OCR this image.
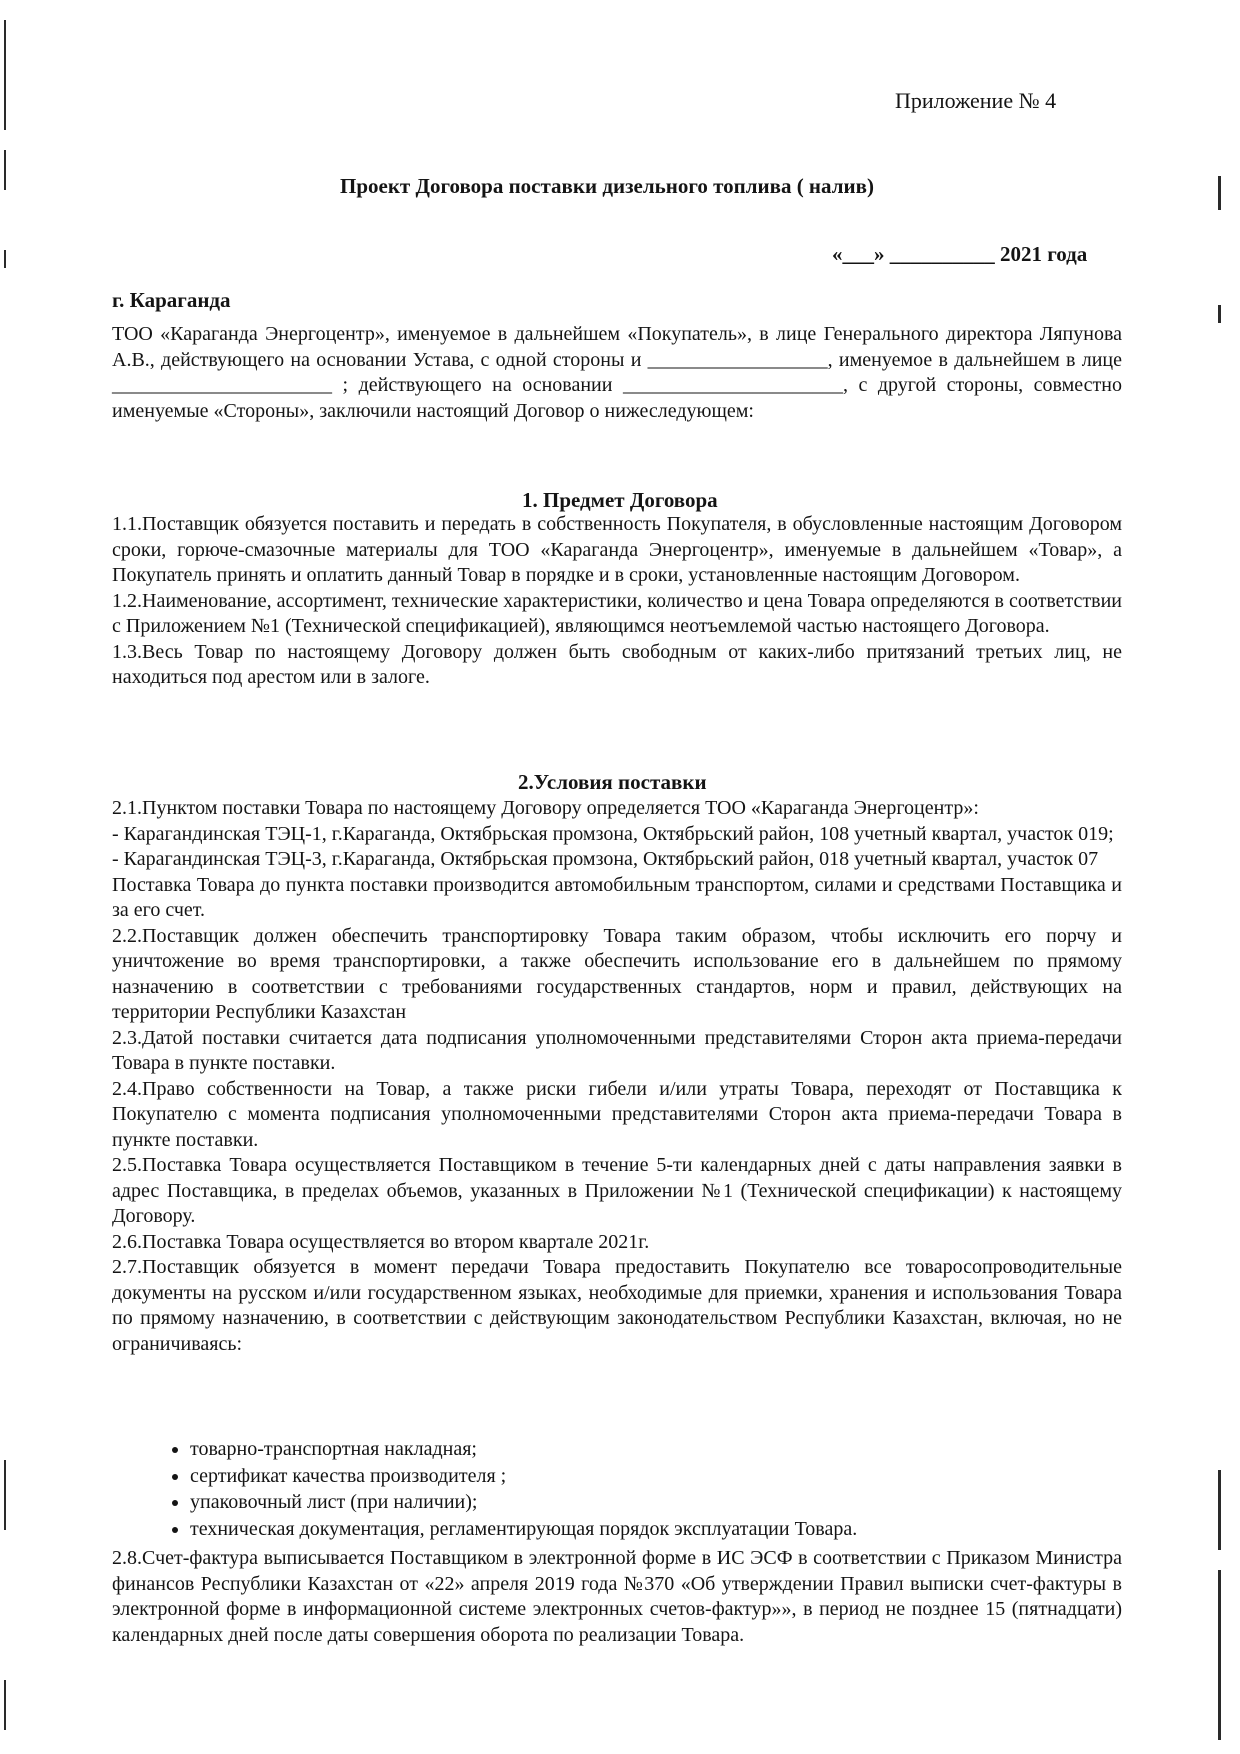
Приложение № 4
Проект Договора поставки дизельного топлива ( налив)
«___» __________ 2021 года
г. Караганда
ТОО «Караганда Энергоцентр», именуемое в дальнейшем «Покупатель», в лице Генерального директора Ляпунова А.В., действующего на основании Устава, с одной стороны и __________________, именуемое в дальнейшем в лице ______________________ ; действующего на основании ______________________, с другой стороны, совместно именуемые «Стороны», заключили настоящий Договор о нижеследующем:
1. Предмет Договора
1.1.Поставщик обязуется поставить и передать в собственность Покупателя, в обусловленные настоящим Договором сроки, горюче-смазочные материалы для ТОО «Караганда Энергоцентр», именуемые в дальнейшем «Товар», а Покупатель принять и оплатить данный Товар в порядке и в сроки, установленные настоящим Договором.
1.2.Наименование, ассортимент, технические характеристики, количество и цена Товара определяются в соответствии с Приложением №1 (Технической спецификацией), являющимся неотъемлемой частью настоящего Договора.
1.3.Весь Товар по настоящему Договору должен быть свободным от каких-либо притязаний третьих лиц, не находиться под арестом или в залоге.
2.Условия поставки
2.1.Пунктом поставки Товара по настоящему Договору определяется ТОО «Караганда Энергоцентр»:
- Карагандинская ТЭЦ-1, г.Караганда, Октябрьская промзона, Октябрьский район, 108 учетный квартал, участок 019;
- Карагандинская ТЭЦ-3, г.Караганда, Октябрьская промзона, Октябрьский район, 018 учетный квартал, участок 07
Поставка Товара до пункта поставки производится автомобильным транспортом, силами и средствами Поставщика и за его счет.
2.2.Поставщик должен обеспечить транспортировку Товара таким образом, чтобы исключить его порчу и уничтожение во время транспортировки, а также обеспечить использование его в дальнейшем по прямому назначению в соответствии с требованиями государственных стандартов, норм и правил, действующих на территории Республики Казахстан
2.3.Датой поставки считается дата подписания уполномоченными представителями Сторон акта приема-передачи Товара в пункте поставки.
2.4.Право собственности на Товар, а также риски гибели и/или утраты Товара, переходят от Поставщика к Покупателю с момента подписания уполномоченными представителями Сторон акта приема-передачи Товара в пункте поставки.
2.5.Поставка Товара осуществляется Поставщиком в течение 5-ти календарных дней с даты направления заявки в адрес Поставщика, в пределах объемов, указанных в Приложении №1 (Технической спецификации) к настоящему Договору.
2.6.Поставка Товара осуществляется во втором квартале 2021г.
2.7.Поставщик обязуется в момент передачи Товара предоставить Покупателю все товаросопроводительные документы на русском и/или государственном языках, необходимые для приемки, хранения и использования Товара по прямому назначению, в соответствии с действующим законодательством Республики Казахстан, включая, но не ограничиваясь:
• товарно-транспортная накладная;
• сертификат качества производителя ;
• упаковочный лист (при наличии);
• техническая документация, регламентирующая порядок эксплуатации Товара.
2.8.Счет-фактура выписывается Поставщиком в электронной форме в ИС ЭСФ в соответствии с Приказом Министра финансов Республики Казахстан от «22» апреля 2019 года №370 «Об утверждении Правил выписки счет-фактуры в электронной форме в информационной системе электронных счетов-фактур»», в период не позднее 15 (пятнадцати) календарных дней после даты совершения оборота по реализации Товара.
